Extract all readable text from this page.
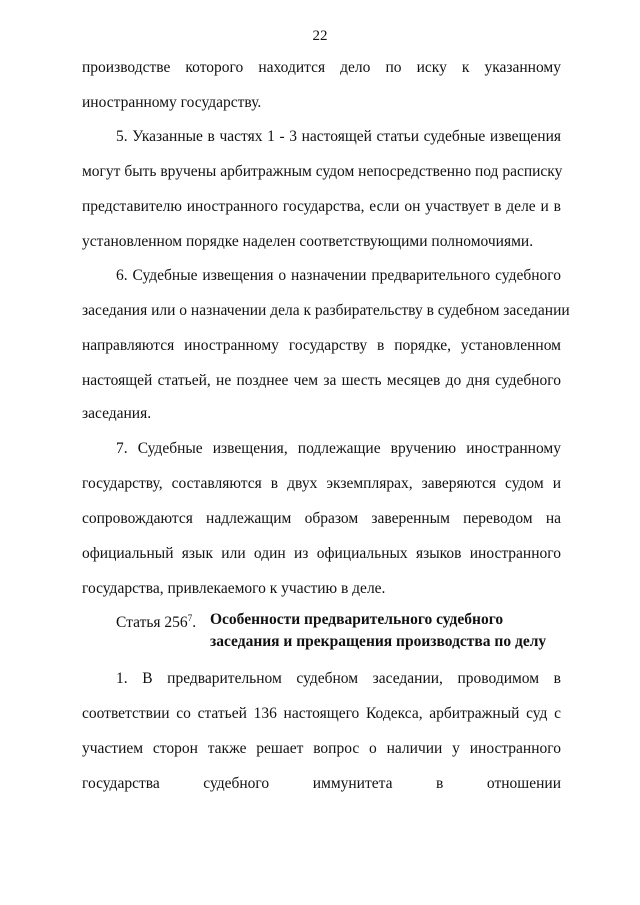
22
производстве которого находится дело по иску к указанному
иностранному государству.
5. Указанные в частях 1 - 3 настоящей статьи судебные извещения
могут быть вручены арбитражным судом непосредственно под расписку
представителю иностранного государства, если он участвует в деле и в
установленном порядке наделен соответствующими полномочиями.
6. Судебные извещения о назначении предварительного судебного
заседания или о назначении дела к разбирательству в судебном заседании
направляются иностранному государству в порядке, установленном
настоящей статьей, не позднее чем за шесть месяцев до дня судебного
заседания.
7. Судебные извещения, подлежащие вручению иностранному
государству, составляются в двух экземплярах, заверяются судом и
сопровождаются надлежащим образом заверенным переводом на
официальный язык или один из официальных языков иностранного
государства, привлекаемого к участию в деле.
Статья $256^7$. Особенности предварительного судебного
заседания и прекращения производства по делу
1. В предварительном судебном заседании, проводимом в
соответствии со статьей 136 настоящего Кодекса, арбитражный суд с
участием сторон также решает вопрос о наличии у иностранного
государства судебного иммунитета в отношении
